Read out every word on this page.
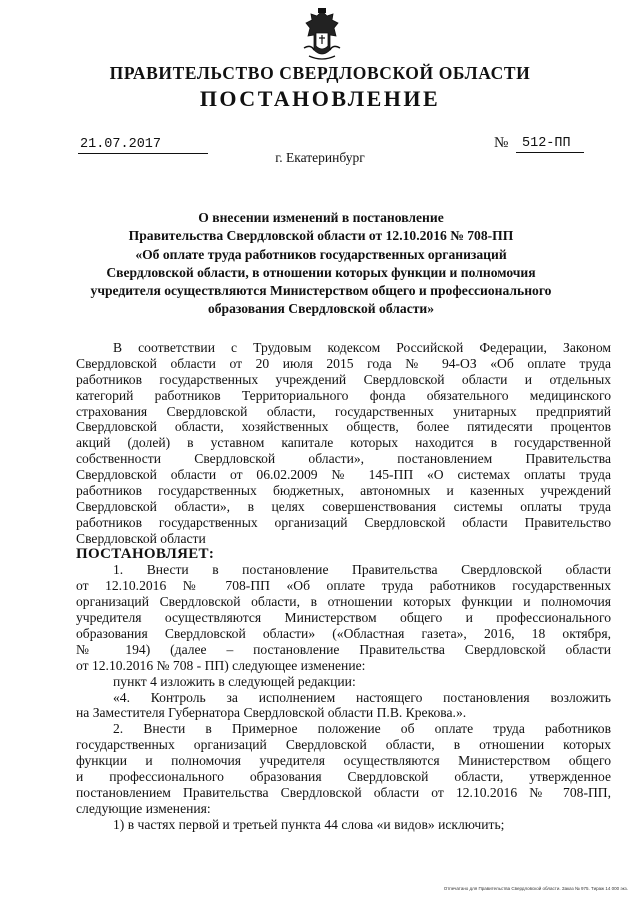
ПРАВИТЕЛЬСТВО СВЕРДЛОВСКОЙ ОБЛАСТИ
ПОСТАНОВЛЕНИЕ
21.07.2017	№ 512-ПП
г. Екатеринбург
О внесении изменений в постановление
Правительства Свердловской области от 12.10.2016 № 708-ПП
«Об оплате труда работников государственных организаций
Свердловской области, в отношении которых функции и полномочия
учредителя осуществляются Министерством общего и профессионального
образования Свердловской области»
В соответствии с Трудовым кодексом Российской Федерации, Законом
Свердловской области от 20 июля 2015 года № 94-ОЗ «Об оплате труда
работников государственных учреждений Свердловской области и отдельных
категорий работников Территориального фонда обязательного медицинского
страхования Свердловской области, государственных унитарных предприятий
Свердловской области, хозяйственных обществ, более пятидесяти процентов
акций (долей) в уставном капитале которых находится в государственной
собственности Свердловской области», постановлением Правительства
Свердловской области от 06.02.2009 № 145-ПП «О системах оплаты труда
работников государственных бюджетных, автономных и казенных учреждений
Свердловской области», в целях совершенствования системы оплаты труда
работников государственных организаций Свердловской области Правительство
Свердловской области
ПОСТАНОВЛЯЕТ:
1. Внести в постановление Правительства Свердловской области
от 12.10.2016 № 708-ПП «Об оплате труда работников государственных
организаций Свердловской области, в отношении которых функции и полномочия
учредителя осуществляются Министерством общего и профессионального
образования Свердловской области» («Областная газета», 2016, 18 октября,
№ 194) (далее – постановление Правительства Свердловской области
от 12.10.2016 № 708 - ПП) следующее изменение:
пункт 4 изложить в следующей редакции:
«4. Контроль за исполнением настоящего постановления возложить
на Заместителя Губернатора Свердловской области П.В. Крекова.».
2. Внести в Примерное положение об оплате труда работников
государственных организаций Свердловской области, в отношении которых
функции и полномочия учредителя осуществляются Министерством общего
и профессионального образования Свердловской области, утвержденное
постановлением Правительства Свердловской области от 12.10.2016 № 708-ПП,
следующие изменения:
1) в частях первой и третьей пункта 44 слова «и видов» исключить;
Отпечатано для Правительства Свердловской области. Заказ № 975. Тираж 14 000 экз.
